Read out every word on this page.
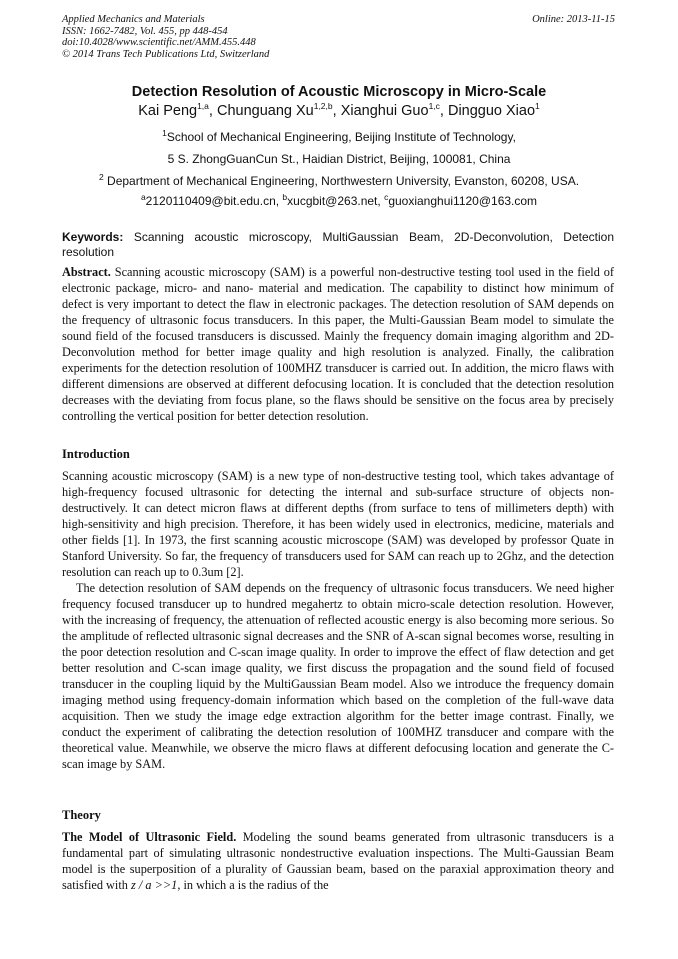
Applied Mechanics and Materials
ISSN: 1662-7482, Vol. 455, pp 448-454
doi:10.4028/www.scientific.net/AMM.455.448
© 2014 Trans Tech Publications Ltd, Switzerland
Online: 2013-11-15
Detection Resolution of Acoustic Microscopy in Micro-Scale
Kai Peng$^{1,a}$, Chunguang Xu$^{1,2,b}$, Xianghui Guo$^{1,c}$, Dingguo Xiao$^1$
$^1$School of Mechanical Engineering, Beijing Institute of Technology,
5 S. ZhongGuanCun St., Haidian District, Beijing, 100081, China
$^2$ Department of Mechanical Engineering, Northwestern University, Evanston, 60208, USA.
$^a$2120110409@bit.edu.cn, $^b$xucgbit@263.net, $^c$guoxianghui1120@163.com
Keywords: Scanning acoustic microscopy, MultiGaussian Beam, 2D-Deconvolution, Detection resolution

Abstract. Scanning acoustic microscopy (SAM) is a powerful non-destructive testing tool used in the field of electronic package, micro- and nano- material and medication. The capability to distinct how minimum of defect is very important to detect the flaw in electronic packages. The detection resolution of SAM depends on the frequency of ultrasonic focus transducers. In this paper, the Multi-Gaussian Beam model to simulate the sound field of the focused transducers is discussed. Mainly the frequency domain imaging algorithm and 2D-Deconvolution method for better image quality and high resolution is analyzed. Finally, the calibration experiments for the detection resolution of 100MHZ transducer is carried out. In addition, the micro flaws with different dimensions are observed at different defocusing location. It is concluded that the detection resolution decreases with the deviating from focus plane, so the flaws should be sensitive on the focus area by precisely controlling the vertical position for better detection resolution.

Introduction

Scanning acoustic microscopy (SAM) is a new type of non-destructive testing tool, which takes advantage of high-frequency focused ultrasonic for detecting the internal and sub-surface structure of objects non-destructively. It can detect micron flaws at different depths (from surface to tens of millimeters depth) with high-sensitivity and high precision. Therefore, it has been widely used in electronics, medicine, materials and other fields [1]. In 1973, the first scanning acoustic microscope (SAM) was developed by professor Quate in Stanford University. So far, the frequency of transducers used for SAM can reach up to 2Ghz, and the detection resolution can reach up to 0.3um [2].

The detection resolution of SAM depends on the frequency of ultrasonic focus transducers. We need higher frequency focused transducer up to hundred megahertz to obtain micro-scale detection resolution. However, with the increasing of frequency, the attenuation of reflected acoustic energy is also becoming more serious. So the amplitude of reflected ultrasonic signal decreases and the SNR of A-scan signal becomes worse, resulting in the poor detection resolution and C-scan image quality. In order to improve the effect of flaw detection and get better resolution and C-scan image quality, we first discuss the propagation and the sound field of focused transducer in the coupling liquid by the MultiGaussian Beam model. Also we introduce the frequency domain imaging method using frequency-domain information which based on the completion of the full-wave data acquisition. Then we study the image edge extraction algorithm for the better image contrast. Finally, we conduct the experiment of calibrating the detection resolution of 100MHZ transducer and compare with the theoretical value. Meanwhile, we observe the micro flaws at different defocusing location and generate the C-scan image by SAM.

Theory

The Model of Ultrasonic Field. Modeling the sound beams generated from ultrasonic transducers is a fundamental part of simulating ultrasonic nondestructive evaluation inspections. The Multi-Gaussian Beam model is the superposition of a plurality of Gaussian beam, based on the paraxial approximation theory and satisfied with z / a >>1, in which a is the radius of the
